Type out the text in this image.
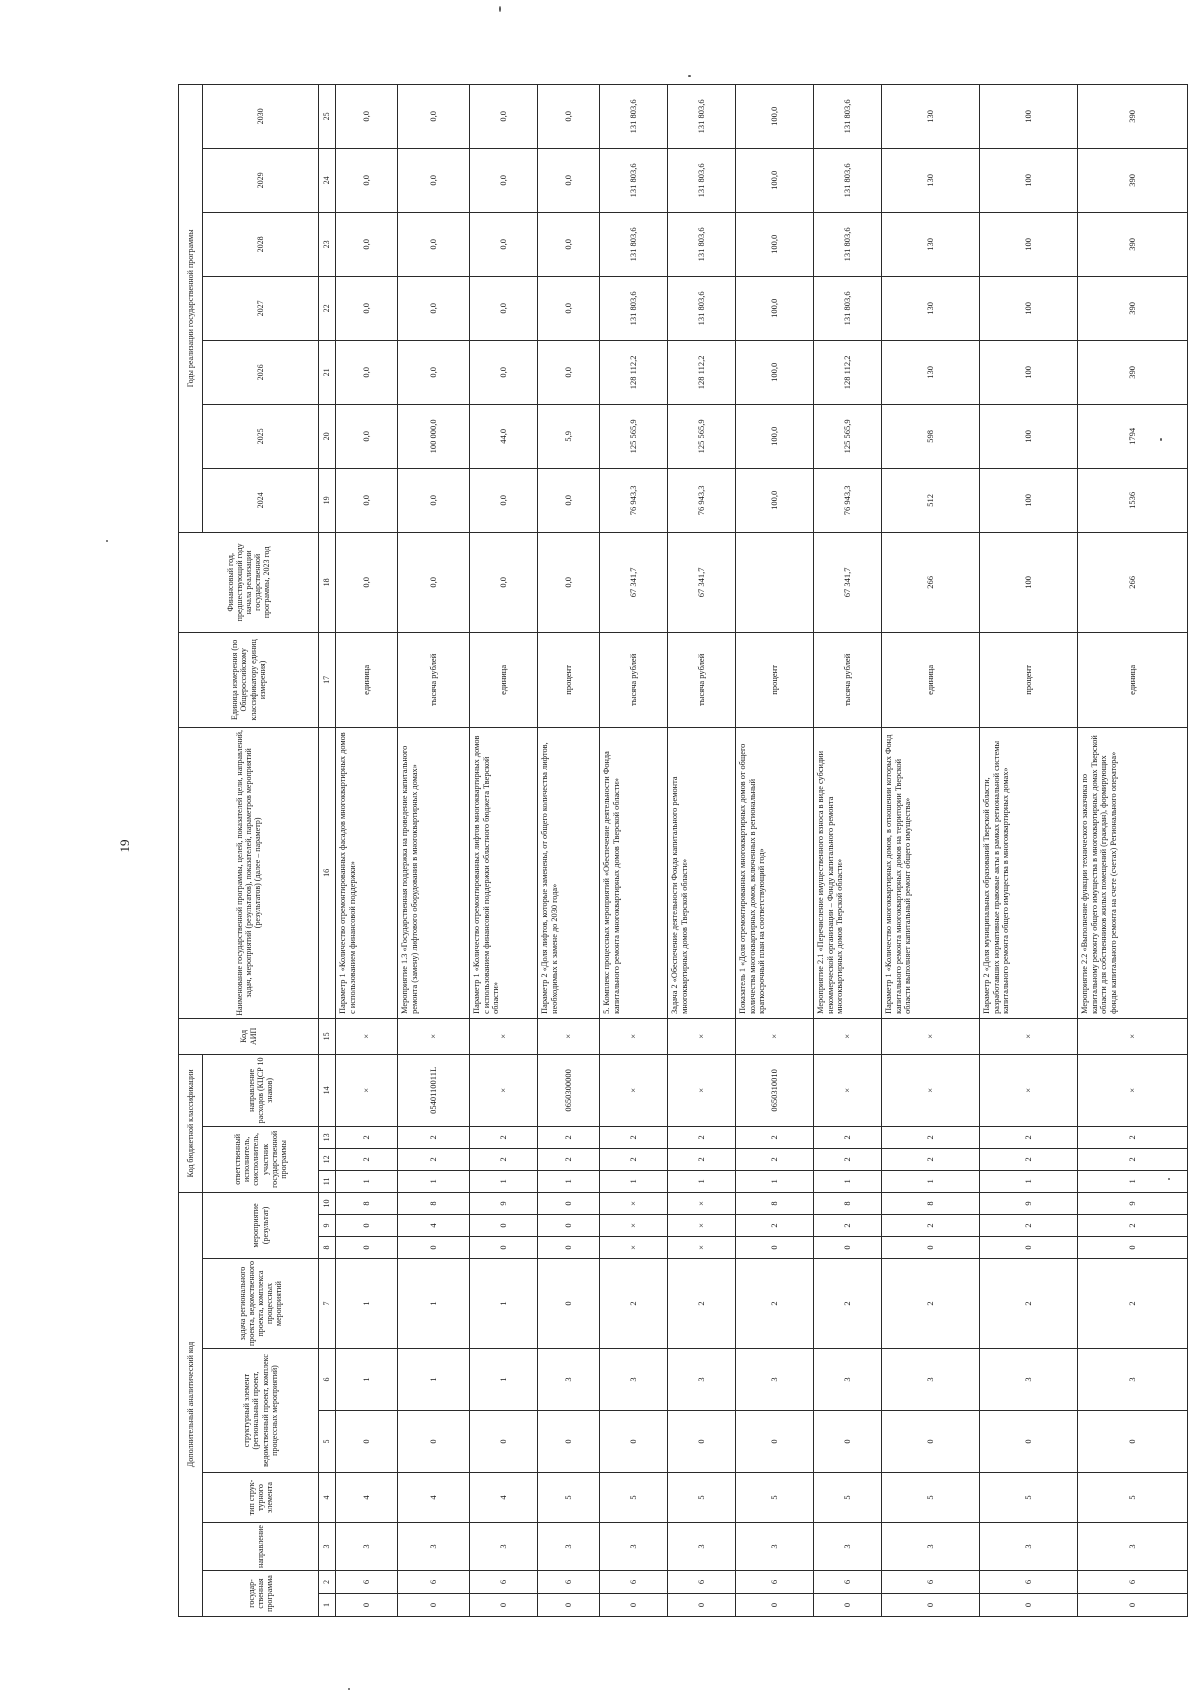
19
Дополнительный аналитический код										Код бюджетной классификации				Код АИП	Наименование государственной программы, целей, показателей цели, направлений, задач, мероприятий (результатов), показателей, параметров мероприятий (результатов) (далее – параметр)	Единица измерения (по Общероссийскому классификатору единиц измерения)	Финансовый год, предшествующий году начала реализации государственной программы, 2023 год	Годы реализации государственной программы						
государ-ственная программа		направление	тип струк-турного элемента	структурный элемент (региональный проект, ведомственный проект, комплекс процессных мероприятий)		задача регионального проекта, ведомственного проекта, комплекса процессных мероприятий	мероприятие (результат)			ответственный исполнитель, соисполнитель, участник государственной программы			направление расходов (КЦСР 10 знаков)					2024	2025	2026	2027	2028	2029	2030

1	2	3	4	5	6	7	8	9	10	11	12	13	14	15	16	17	18	19	20	21	22	23	24	25
0	6	3	4	0	1	1	0	0	8	1	2	2	×	×	Параметр 1 «Количество отремонтированных фасадов многоквартирных домов с использованием финансовой поддержки»	единица	0,0	0,0	0,0	0,0	0,0	0,0	0,0	0,0
0	6	3	4	0	1	1	0	4	8	1	2	2	0540110011L	×	Мероприятие 1.3 «Государственная поддержка на проведение капитального ремонта (замену) лифтового оборудования в многоквартирных домах»	тысяча рублей	0,0	0,0	100 000,0	0,0	0,0	0,0	0,0	0,0
0	6	3	4	0	1	1	0	0	9	1	2	2	×	×	Параметр 1 «Количество отремонтированных лифтов многоквартирных домов с использованием финансовой поддержки областного бюджета Тверской области»	единица	0,0	0,0	44,0	0,0	0,0	0,0	0,0	0,0
0	6	3	5	0	3	0	0	0	0	1	2	2	0650300000	×	Параметр 2 «Доля лифтов, которые заменены, от общего количества лифтов, необходимых к замене до 2030 года»	процент	0,0	0,0	5,9	0,0	0,0	0,0	0,0	0,0
0	6	3	5	0	3	2	×	×	×	1	2	2	×	×	5. Комплекс процессных мероприятий «Обеспечение деятельности Фонда капитального ремонта многоквартирных домов Тверской области»	тысяча рублей	67 341,7	76 943,3	125 565,9	128 112,2	131 803,6	131 803,6	131 803,6	131 803,6
0	6	3	5	0	3	2	×	×	×	1	2	2	×	×	Задача 2 «Обеспечение деятельности Фонда капитального ремонта многоквартирных домов Тверской области»	тысяча рублей	67 341,7	76 943,3	125 565,9	128 112,2	131 803,6	131 803,6	131 803,6	131 803,6
0	6	3	5	0	3	2	0	2	8	1	2	2	0650310010	×	Показатель 1 «Доля отремонтированных многоквартирных домов от общего количества многоквартирных домов, включенных в региональный краткосрочный план на соответствующий год»	процент		100,0	100,0	100,0	100,0	100,0	100,0	100,0
0	6	3	5	0	3	2	0	2	8	1	2	2	×	×	Мероприятие 2.1 «Перечисление имущественного взноса в виде субсидии некоммерческой организации – Фонду капитального ремонта многоквартирных домов Тверской области»	тысяча рублей	67 341,7	76 943,3	125 565,9	128 112,2	131 803,6	131 803,6	131 803,6	131 803,6
0	6	3	5	0	3	2	0	2	8	1	2	2	×	×	Параметр 1 «Количество многоквартирных домов, в отношении которых Фонд капитального ремонта многоквартирных домов на территории Тверской области выполняет капитальный ремонт общего имущества»	единица	266	512	598	130	130	130	130	130
0	6	3	5	0	3	2	0	2	9	1	2	2	×	×	Параметр 2 «Доля муниципальных образований Тверской области, разработавших нормативные правовые акты в рамках региональной системы капитального ремонта общего имущества в многоквартирных домах»	процент	100	100	100	100	100	100	100	100
0	6	3	5	0	3	2	0	2	9	1	2	2	×	×	Мероприятие 2.2 «Выполнение функции технического заказчика по капитальному ремонту общего имущества в многоквартирных домах Тверской области для собственников жилых помещений (граждан), формирующих фонды капитального ремонта на счете (счетах) Регионального оператора»	единица	266	1536	1794	390	390	390	390	390
